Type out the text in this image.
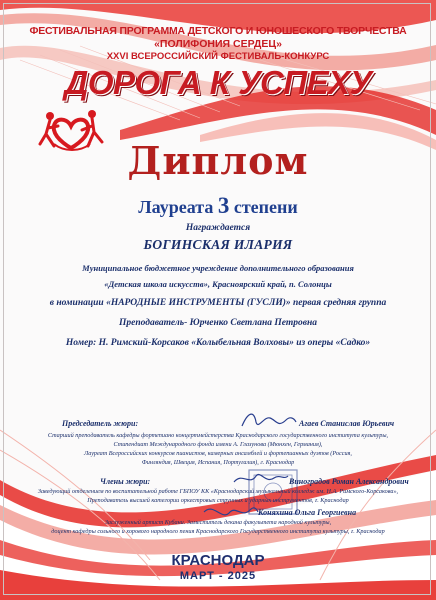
ФЕСТИВАЛЬНАЯ ПРОГРАММА ДЕТСКОГО И ЮНОШЕСКОГО ТВОРЧЕСТВА
«ПОЛИФОНИЯ СЕРДЕЦ»
XXVI ВСЕРОССИЙСКИЙ ФЕСТИВАЛЬ-КОНКУРС
ДОРОГА К УСПЕХУ
Диплом
Лауреата 3 степени
Награждается
БОГИНСКАЯ ИЛАРИЯ
Муниципальное бюджетное учреждение дополнительного образования
«Детская школа искусств», Красноярский край, п. Солонцы
в номинации «НАРОДНЫЕ ИНСТРУМЕНТЫ (ГУСЛИ)» первая средняя группа
Преподаватель- Юрченко Светлана Петровна
Номер: Н. Римский-Корсаков «Колыбельная Волховы» из оперы «Садко»
Председатель жюри:	Агаев Станислав Юрьевич
Старший преподаватель кафедры фортепиано концертмейстерства Краснодарского государственного института культуры,
Стипендиат Международного фонда имени А. Глазунова (Мюнхен, Германия),
Лауреат Всероссийских конкурсов пианистов, камерных ансамблей и фортепианных дуэтов (Россия,
Финляндия, Швеция, Испания, Португалия), г. Краснодар
Члены жюри:	Виноградов Роман Александрович
Заведующий отделением по воспитательной работе ГБПОУ КК «Краснодарский музыкальный колледж им. Н.А. Римского-Корсакова»,
Преподаватель высшей категории оркестровых струнных и ударных инструментов, г. Краснодар
Коняхина Ольга Георгиевна
Заслуженный артист Кубани. Заместитель декана факультета народной культуры,
доцент кафедры сольного и хорового народного пения Краснодарского Государственного института культуры, г. Краснодар
КРАСНОДАР
МАРТ - 2025
